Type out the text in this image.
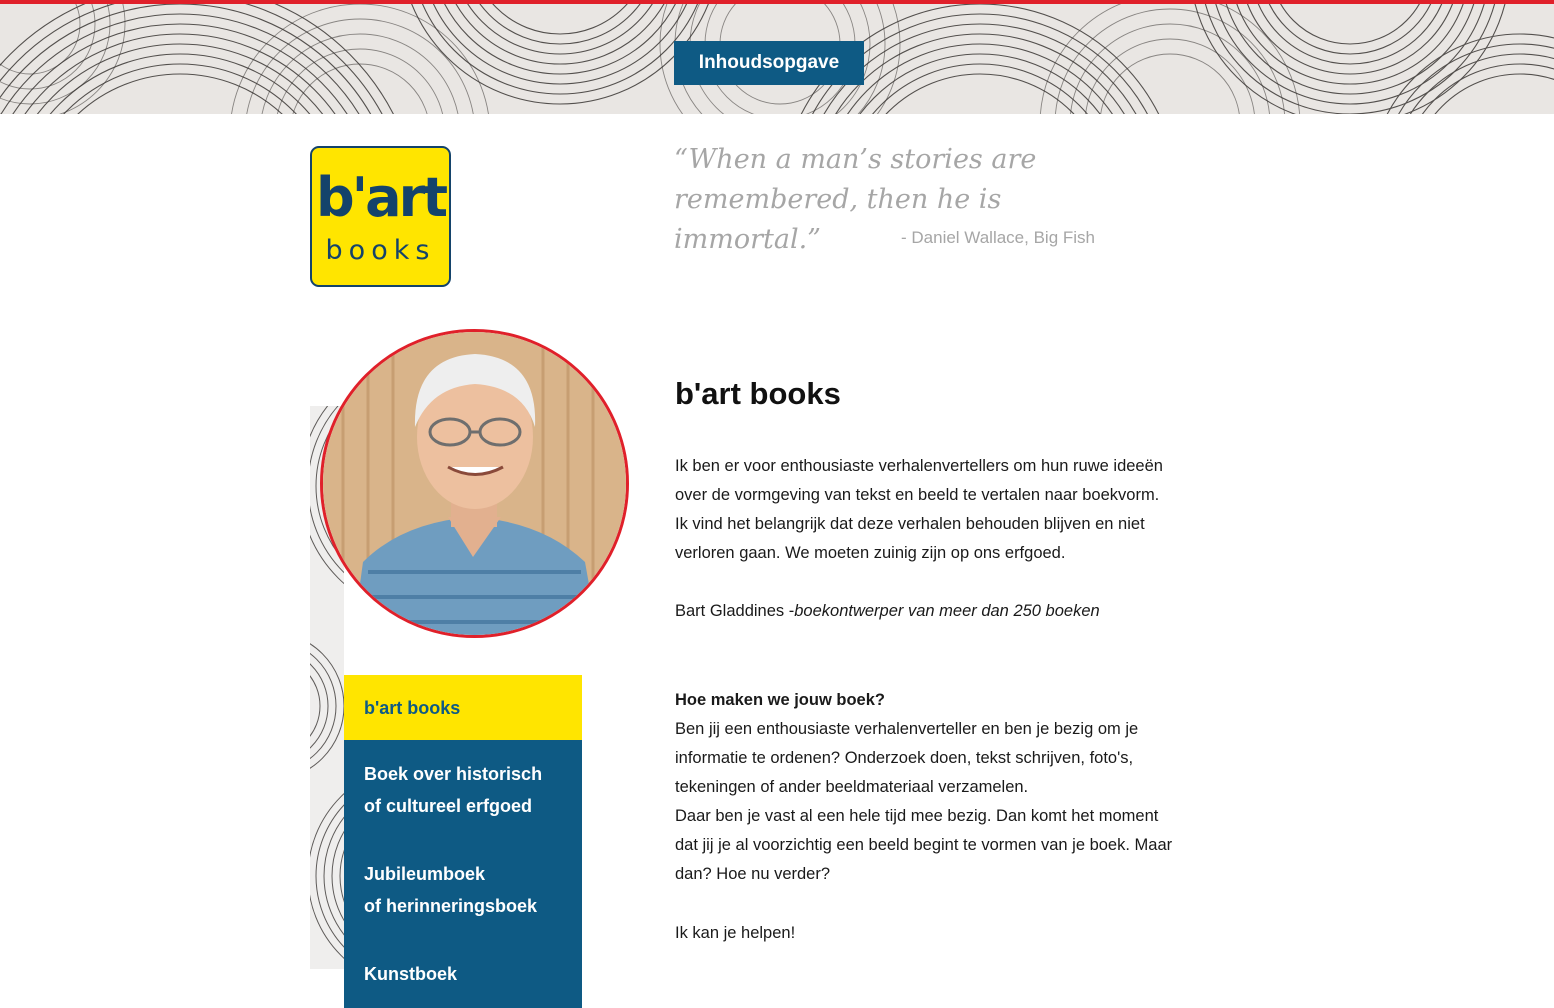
Inhoudsopgave
b'art
books
“When a man’s stories are remembered, then he is immortal.”	- Daniel Wallace, Big Fish
b'art books
Boek over historisch
of cultureel erfgoed
Jubileumboek
of herinneringsboek
Kunstboek
b'art books

Ik ben er voor enthousiaste verhalenvertellers om hun ruwe ideeën over de vormgeving van tekst en beeld te vertalen naar boekvorm. Ik vind het belangrijk dat deze verhalen behouden blijven en niet verloren gaan. We moeten zuinig zijn op ons erfgoed.

Bart Gladdines -boekontwerper van meer dan 250 boeken

Hoe maken we jouw boek?
Ben jij een enthousiaste verhalenverteller en ben je bezig om je informatie te ordenen? Onderzoek doen, tekst schrijven, foto's, tekeningen of ander beeldmateriaal verzamelen.
Daar ben je vast al een hele tijd mee bezig. Dan komt het moment dat jij je al voorzichtig een beeld begint te vormen van je boek. Maar dan? Hoe nu verder?

Ik kan je helpen!
